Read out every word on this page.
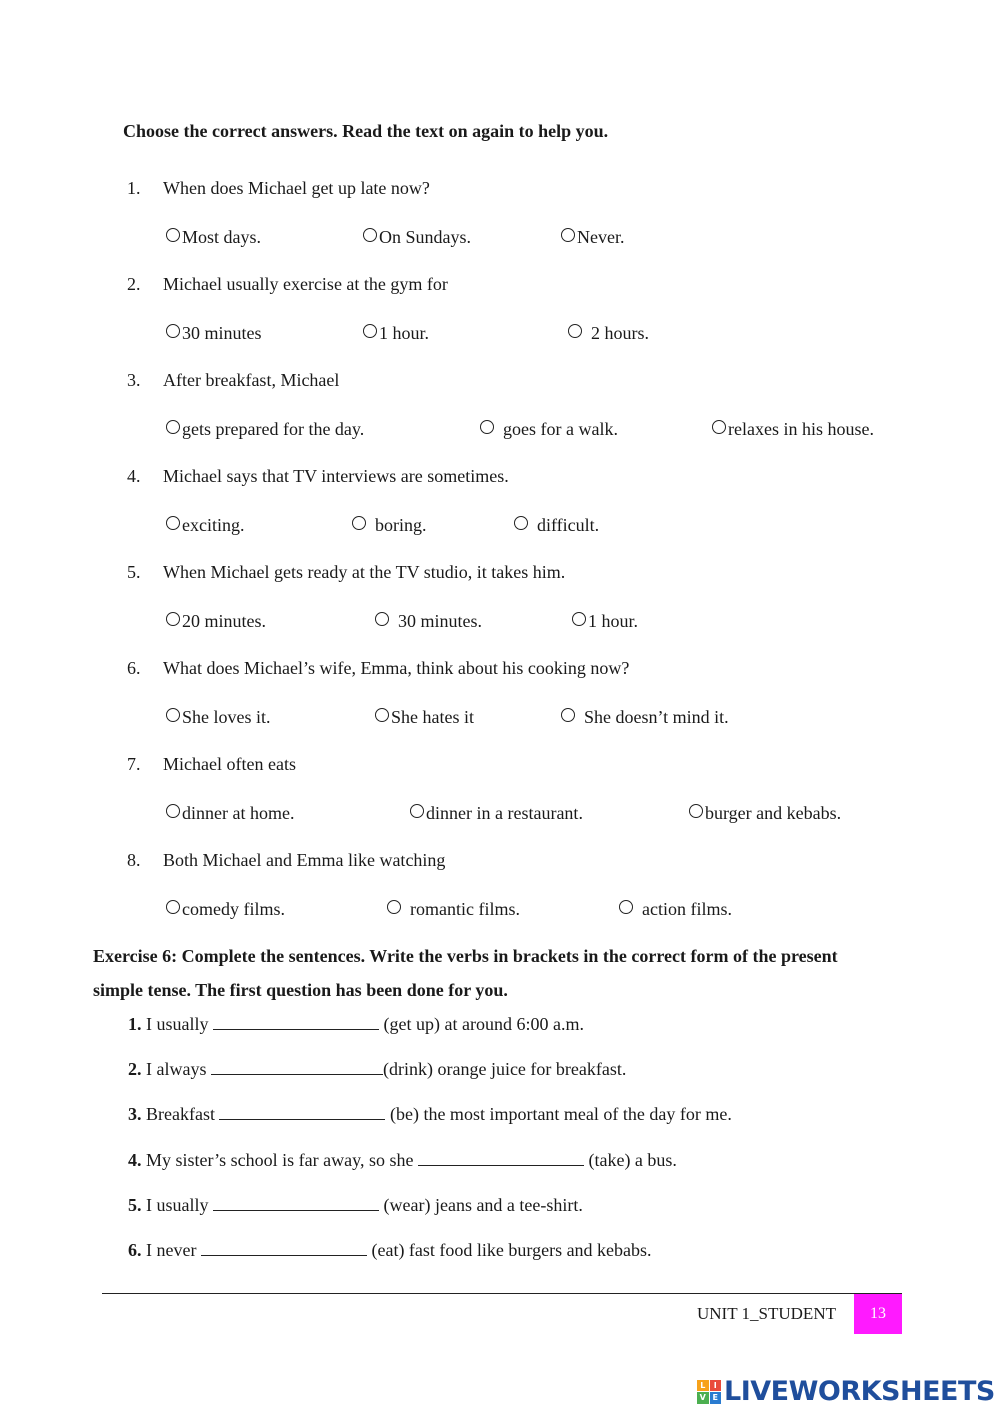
Choose the correct answers. Read the text on again to help you.
1. When does Michael get up late now?
Most days.	On Sundays.	Never.
2. Michael usually exercise at the gym for
30 minutes	1 hour.	2 hours.
3. After breakfast, Michael
gets prepared for the day.	goes for a walk.	relaxes in his house.
4. Michael says that TV interviews are sometimes.
exciting.	boring.	difficult.
5. When Michael gets ready at the TV studio, it takes him.
20 minutes.	30 minutes.	1 hour.
6. What does Michael’s wife, Emma, think about his cooking now?
She loves it.	She hates it	She doesn’t mind it.
7. Michael often eats
dinner at home.	dinner in a restaurant.	burger and kebabs.
8. Both Michael and Emma like watching
comedy films.	romantic films.	action films.
Exercise 6: Complete the sentences. Write the verbs in brackets in the correct form of the present
simple tense. The first question has been done for you.
1. I usually	(get up) at around 6:00 a.m.
2. I always	(drink) orange juice for breakfast.
3. Breakfast	(be) the most important meal of the day for me.
4. My sister’s school is far away, so she	(take) a bus.
5. I usually	(wear) jeans and a tee-shirt.
6. I never	(eat) fast food like burgers and kebabs.
UNIT 1_STUDENT 13
L	I
V E LIVEWORKSHEETS
